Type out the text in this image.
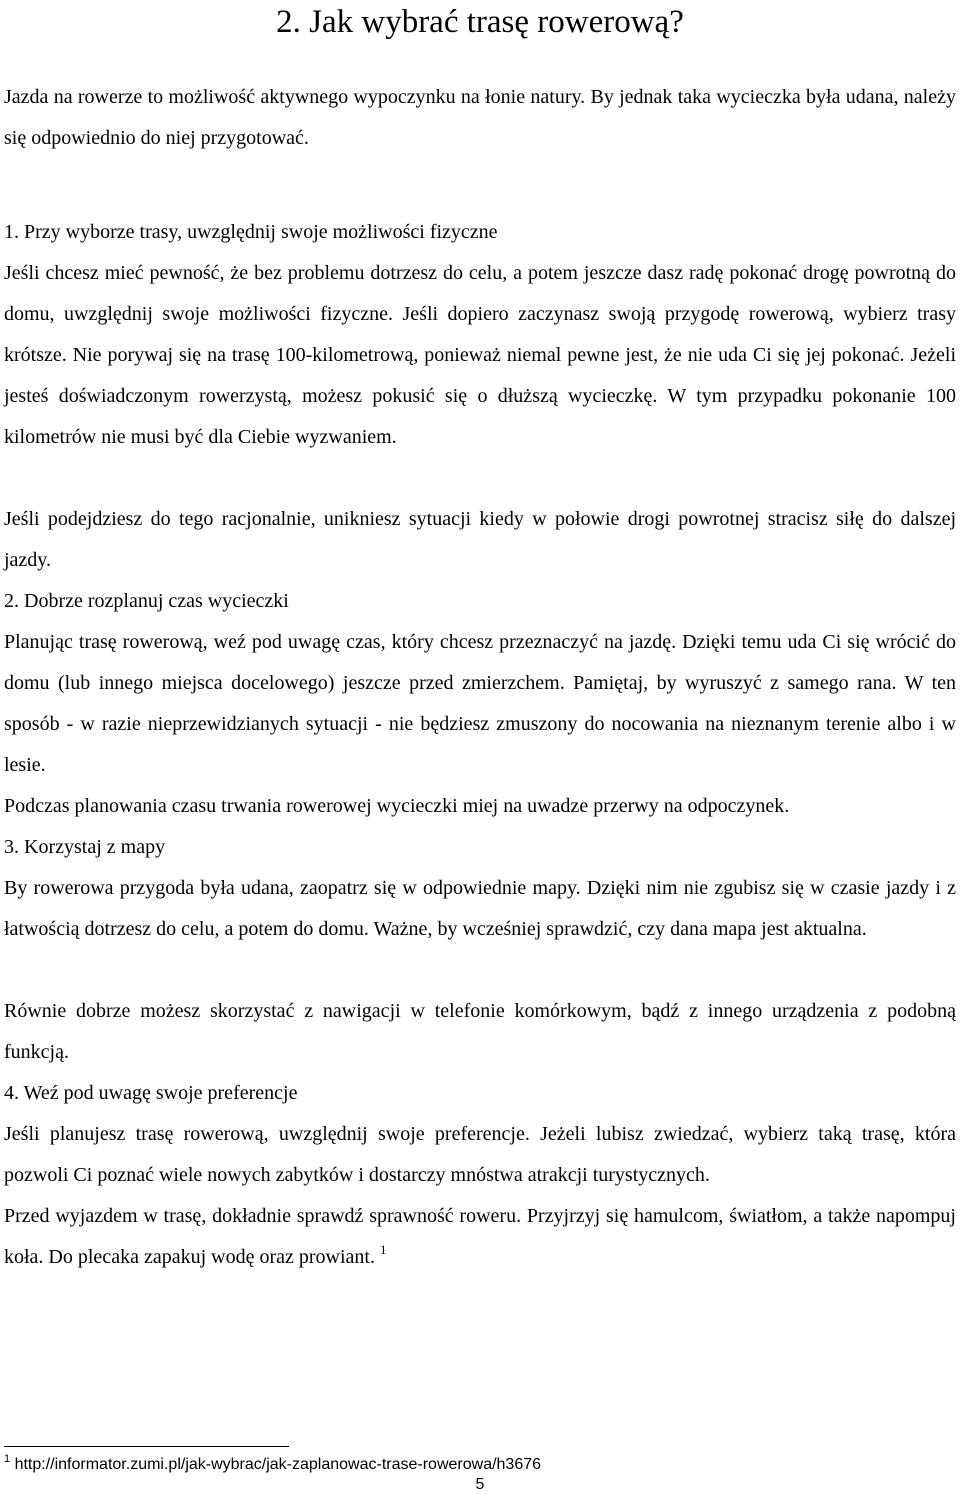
2. Jak wybrać trasę rowerową?

Jazda na rowerze to możliwość aktywnego wypoczynku na łonie natury. By jednak taka wycieczka była udana, należy się odpowiednio do niej przygotować.

1. Przy wyborze trasy, uwzględnij swoje możliwości fizyczne

Jeśli chcesz mieć pewność, że bez problemu dotrzesz do celu, a potem jeszcze dasz radę pokonać drogę powrotną do domu, uwzględnij swoje możliwości fizyczne. Jeśli dopiero zaczynasz swoją przygodę rowerową, wybierz trasy krótsze. Nie porywaj się na trasę 100-kilometrową, ponieważ niemal pewne jest, że nie uda Ci się jej pokonać. Jeżeli jesteś doświadczonym rowerzystą, możesz pokusić się o dłuższą wycieczkę. W tym przypadku pokonanie 100 kilometrów nie musi być dla Ciebie wyzwaniem.

Jeśli podejdziesz do tego racjonalnie, unikniesz sytuacji kiedy w połowie drogi powrotnej stracisz siłę do dalszej jazdy.

2. Dobrze rozplanuj czas wycieczki

Planując trasę rowerową, weź pod uwagę czas, który chcesz przeznaczyć na jazdę. Dzięki temu uda Ci się wrócić do domu (lub innego miejsca docelowego) jeszcze przed zmierzchem. Pamiętaj, by wyruszyć z samego rana. W ten sposób - w razie nieprzewidzianych sytuacji - nie będziesz zmuszony do nocowania na nieznanym terenie albo i w lesie.

Podczas planowania czasu trwania rowerowej wycieczki miej na uwadze przerwy na odpoczynek.

3. Korzystaj z mapy

By rowerowa przygoda była udana, zaopatrz się w odpowiednie mapy. Dzięki nim nie zgubisz się w czasie jazdy i z łatwością dotrzesz do celu, a potem do domu. Ważne, by wcześniej sprawdzić, czy dana mapa jest aktualna.

Równie dobrze możesz skorzystać z nawigacji w telefonie komórkowym, bądź z innego urządzenia z podobną funkcją.

4. Weź pod uwagę swoje preferencje

Jeśli planujesz trasę rowerową, uwzględnij swoje preferencje. Jeżeli lubisz zwiedzać, wybierz taką trasę, która pozwoli Ci poznać wiele nowych zabytków i dostarczy mnóstwa atrakcji turystycznych.

Przed wyjazdem w trasę, dokładnie sprawdź sprawność roweru. Przyjrzyj się hamulcom, światłom, a także napompuj koła. Do plecaka zapakuj wodę oraz prowiant. $^1$

$^1$ http://informator.zumi.pl/jak-wybrac/jak-zaplanowac-trase-rowerowa/h3676

5
